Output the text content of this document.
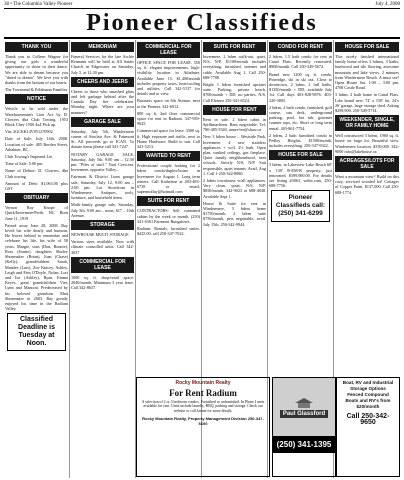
38 • The Columbia Valley Pioneer	July 4, 2008
Pioneer Classifieds
THANK YOU

Thank you to Colleen Wagner for giving our girls a wonderful opportunity to shine in their dance. We are able to dream because you "dared to dream". We love you with thanks from the bottom of our hearts.

The Townsend & Feldmann Families

NOTICE

Vehicle to be sold under the Warehouseman's Lien Act by D. Clowers dba Club Towing. 1953 Black Chev 1500 4x4 Pick up.

Vin. 2GCEK14V051270902

Date of Sale: July 14th, 2008. Location of sale: 485 Borden Street, Athalmer, BC.

Club Towing's Impound Lot

Time of Sale: 5:00 pm

Name of Debtor: D. Clowers, dba Club towing

Amount of Debt: $1,063.00 plus GST

OBITUARY

Vernon Ray Knope of Quirk/Invermere/Perth, BC Born June 11, 1919

Passed away June 28, 2008. Ray loved his wife dearly and humour. He leaves behind to remember and celebrate his life, his wife of 58 years, Margie, sons (Don, Bonnie), Ross (Jeanie), daughters Shirley Shoemaker (Brian), Joan (Chase) (Kelly), grandchildren Sarah, Mandee (Luis), Zoe Kincey, Ashley, Leigh and Erin O'Doyle, Nolan, Lori and Joe (Ashley), Ryan, Emma Keyes, great grandchildren Vier, Lynn and Mancini. Predeceased by his beloved grandson Matt Shoemaker in 2003. Ray greatly enjoyed his time in the Radium Valley.

Classified Deadline is Tuesday at Noon.
MEMORIAM

Funeral Services for the late Archie Reimann will be held at All Saints Church in Edgewater on Saturday, July 5, at 12:30 pm.

CHEERS AND JEERS

Cheers to those who smashed glass and left garbage behind after the Canada Day fire celebration. Monday night. Where are your manners?

GARAGE SALE

Saturday, July 5th, Windermere corner of Sinclair Ave. & Fairmont St. All proceeds go to ICAN. To donate items please call 341-7247.

NOTARY GARAGE SALE, Saturday, July 5th, 9:00 am – 12:30 pm. "Piles of stuff." Yoni Crescent, Invermere, opposite Valley...

Fairmont & District Lions garage sale, Saturday, July 12, 9:00 am – 2:00 pm. Lot Storefront in Windermere. Antiques, tools, furniture, and household items.

Multi-family garage sale, Saturday, July 5th, 9:00 am – noon, 617 – 10th Avenue.

STORAGE

NEWHOUSE MULTI STORAGE

Various sizes available. Now with climate controlled units. Call 342-3637

COMMERCIAL FOR LEASE

1000 sq. ft. shop/retail space. 2040/month. Minimum 3 year lease. Call 342-8637.

COMMERCIAL FOR LEASE

OFFICE SPACE FOR LEASE. 550 sq. ft. elegant improvements, high-visibility location in Athalmer. Available June 15. $1,400/month includes property taxes, heat/cooling and utilities. Call 342-5137 for details and to view.

Business space on 6th Avenue, next to the Pioneer. 342-6912.

800 sq. ft. 2nd floor commercial space for rent in Radium. 347-939-9625.

Commercial space for lease. 3300 sq. ft. High exposure and traffic, next to Home Hardware. Build to suit. Call 341-5213.

WANTED TO RENT

Professional couple looking for 2 bdrm condo/duplex/house in Invermere for August 1. Long term renters. Call Katherine at 403-483-6739 or email: supermollay@hotmail.com

SUITE FOR RENT

CONTRACTORS: Self contained cabins by the week or month. (250) 341-6361 Fairmont Bungalows.

Radium: Rentals, furnished suites. $425.00, call 250-347-7022.

SUITE FOR RENT

Invermere, 2 bdrm walk-out, quiet, N/S, N/P, $1100/month includes everything, furnished, internet and cable. Available Aug 1. Call 250-688-7708.

Bright 1 bdrm furnished upstairs suite. Parking, private beach, $700/month + DD, no parties, N/S. Call Eleanor 250-341-6524.

HOUSE FOR RENT

Rent or sale. 2 bdrm cabin in Spillimacheen. Rent negotiable. Tel: 780-485-5540, anner-lee@shaw.ca

New 3 bdrm house – Westside Park, Invermere. 4 new stainless appliances + w/d, 2½ bath. Open plan, vaulted ceilings, gas fireplace. Quiet family neighbourhood, near schools. Strictly N/S, N/P. Suit responsible, quiet tenants. Avail. Aug 1. Call 1-250-342-8080.

2 bdrm townhouse w/all appliances. Very clean, quiet, N/S, N/P. $850/month. 342-9023 or 688-4848. Available Sept 1.

House & Suite for rent in Windermere, 3 bdrm home $1750/month, 2 bdrm suite $750/month, pets negotiable, avail. July 15th. 250-342-9944.

CONDO FOR RENT

2 bdrm, 1.5 bath condo for rent in Canal Flats. Recently renovated. $900/month. Call 250-349-5672.

Brand new 1200 sq. ft. condo, Pineridge, ski in ski out. Close to downtown, 2 bdrm, 2 full baths, $1350/month + DD, available July 1st. Call days 403-828-9876. 403-220-3805.

2 bdrm, 2 bath condo, furnished, golf course, sun deck, underground parking, pool, hot tub, gourmet counter tops, etc. Short or long term rental. 403-861-7754.

2 bdrm, 2 bath furnished condo in Pedley Heights. $1500/month, includes everything. 250-347-9322.

HOUSE FOR SALE

3 bdrm, in Lakeview Lake Beach 60' x 130' R-EM-R property, just renovated. $399,900.00. For details see listing #3063, webit.com, 250-688-7756.

Pioneer
Classifieds call:
(250) 341-6299
HOUSE FOR SALE

This nicely finished international family home offers 3 bdrms, 3 baths, hardwood and tile flooring, awesome mountain and lake views. 2 minutes from Windermere Beach. A must see! Open House Sat. 1:00 – 3:00 pm. 4768 Castle Road.

3 bdrm, 2 bath home in Canal Flats. Like brand new, 74' x 150' lot, 24'x 26' garage, large storage shed. Asking $299,900. 250-349-5714.

WEEKENDER, SINGLE, OR FAMILY HOME

Well constructed 3 bdrm, 1960 sq. ft. house on large lot. Beautiful view. Windermere location. $339,000. 342-9000 info@lakehouse.ca

ACREAGES/LOTS FOR SALE

Want a mountain view? Build on this cozy, serviced wooded lot! Cottages of Copper Point. $137,000. Call 250-688-1774.

Rocky Mountain Realty
For Rent Radium
A selection of 2 or 3 bedroom condos. Furnished or unfurnished. In Phase I units available for rent. Units include laundry, BBQ, parking and storage. Check out website or call Janine for more details.
Rocky Mountain Realty, Property Management Division 250-347-6600
Paul Glassford
(250) 341-1395
Boat, RV and Industrial
Storage Options
Fenced Compound
Boats and RV's from $20/month
Call 250-342-9650
